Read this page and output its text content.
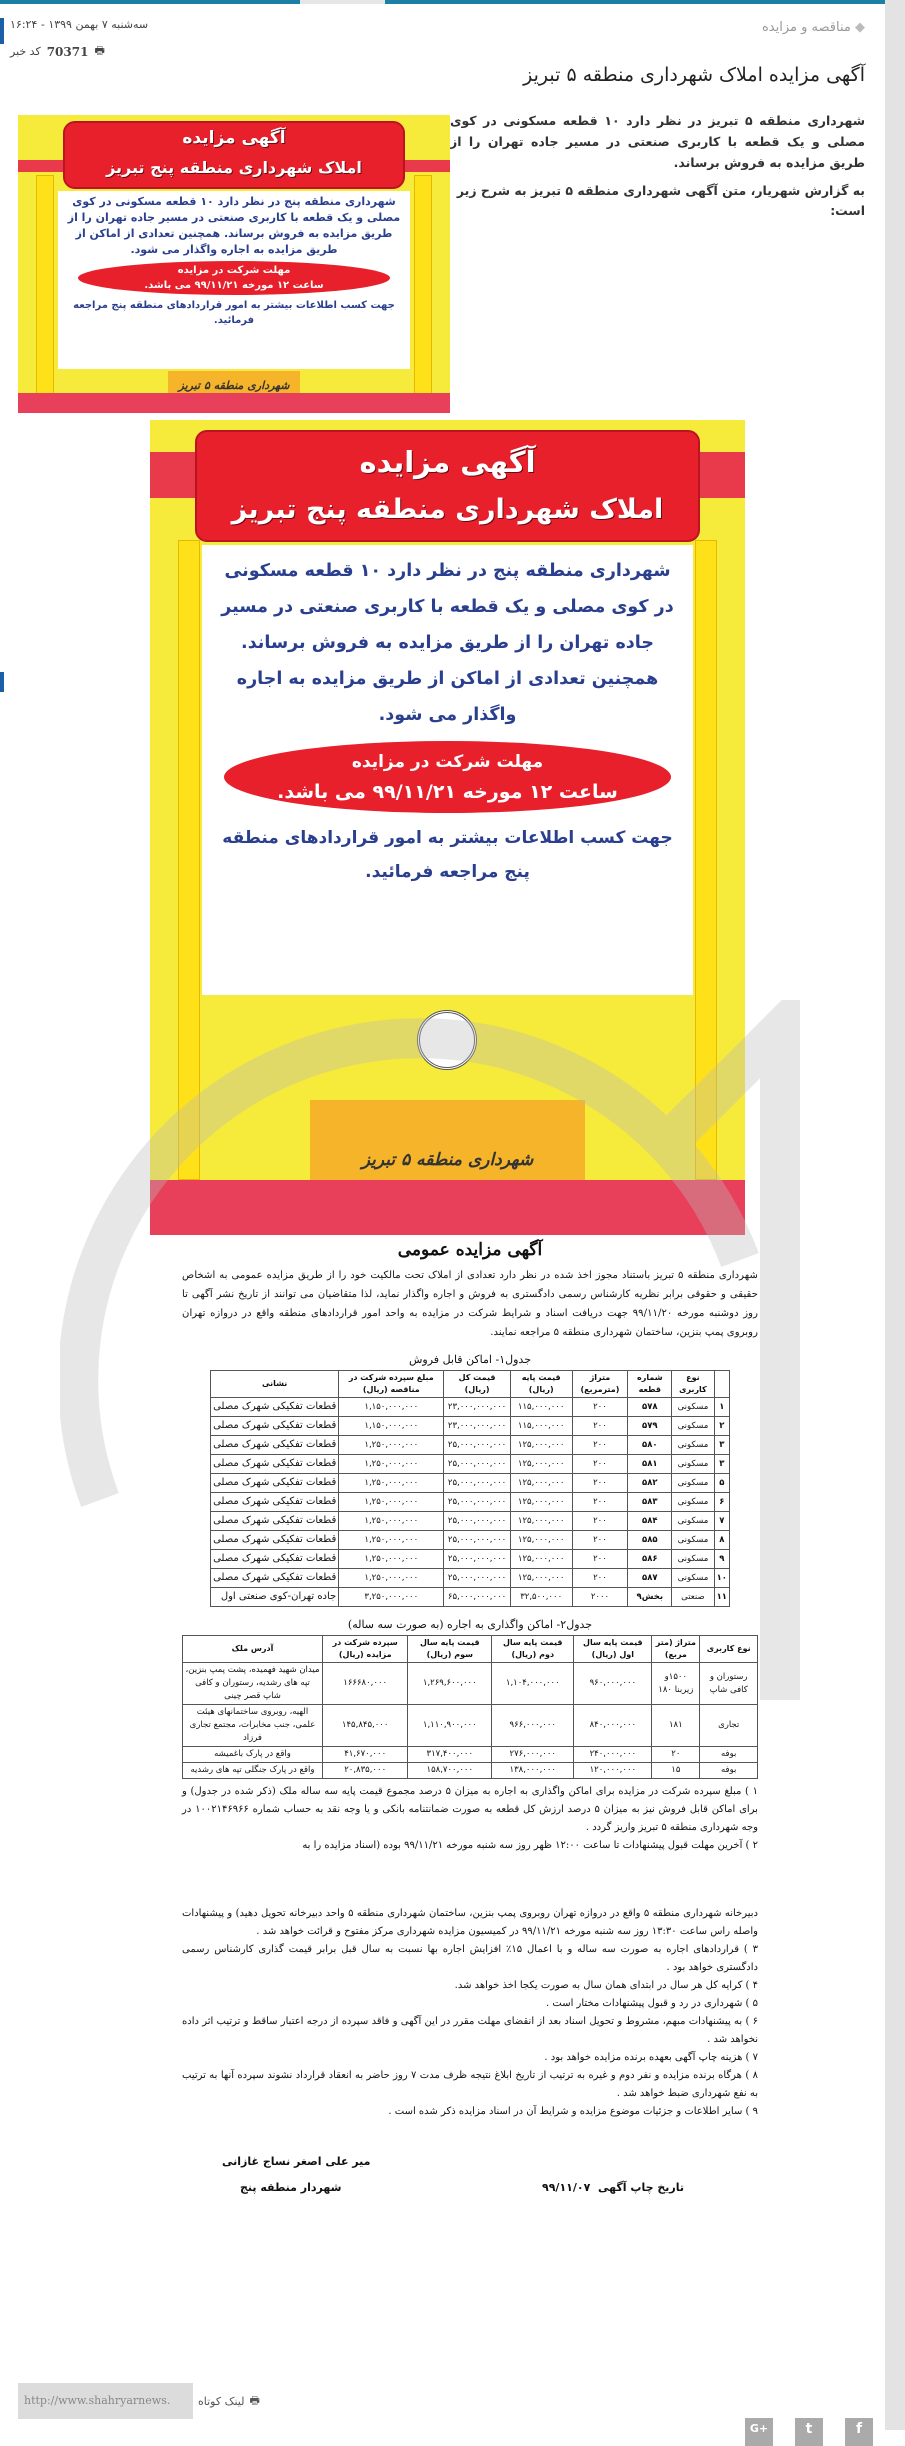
◆ مناقصه و مزایده
سه‌شنبه ۷ بهمن ۱۳۹۹ - ۱۶:۲۴
🖶
70371
کد خبر
آگهی مزایده املاک شهرداری منطقه ۵ تبریز

شهرداری منطقه ۵ تبریز در نظر دارد ۱۰ قطعه مسکونی در کوی مصلی و یک قطعه با کاربری صنعتی در مسیر جاده تهران را از طریق مزایده به فروش برساند.

به گزارش شهریار، متن آگهی شهرداری منطقه ۵ تبریز به شرح زیر است:

آگهی مزایده
املاک شهرداری منطقه پنج تبریز
شهرداری منطقه پنج در نظر دارد ۱۰ قطعه مسکونی در کوی مصلی و یک قطعه با کاربری صنعتی در مسیر جاده تهران را از طریق مزایده به فروش برساند. همچنین تعدادی از اماکن از طریق مزایده به اجاره واگذار می شود.
مهلت شرکت در مزایده
ساعت ۱۲ مورخه ۹۹/۱۱/۲۱ می باشد.
جهت کسب اطلاعات بیشتر به امور قراردادهای منطقه پنج مراجعه فرمائید.
شهرداری منطقه ۵ تبریز
آگهی مزایده
املاک شهرداری منطقه پنج تبریز
شهرداری منطقه پنج در نظر دارد ۱۰ قطعه مسکونی در کوی مصلی و یک قطعه با کاربری صنعتی در مسیر جاده تهران را از طریق مزایده به فروش برساند. همچنین تعدادی از اماکن از طریق مزایده به اجاره واگذار می شود.
مهلت شرکت در مزایده
ساعت ۱۲ مورخه ۹۹/۱۱/۲۱ می باشد.
جهت کسب اطلاعات بیشتر به امور قراردادهای منطقه پنج مراجعه فرمائید.
شهرداری منطقه ۵ تبریز
آگهی مزایده عمومی

شهرداری منطقه ۵ تبریز باستناد مجوز اخذ شده در نظر دارد تعدادی از املاک تحت مالکیت خود را از طریق مزایده عمومی به اشخاص حقیقی و حقوقی برابر نظریه کارشناس رسمی دادگستری به فروش و اجاره واگذار نماید، لذا متقاضیان می توانند از تاریخ نشر آگهی تا روز دوشنبه مورخه ۹۹/۱۱/۲۰ جهت دریافت اسناد و شرایط شرکت در مزایده به واحد امور قراردادهای منطقه واقع در دروازه تهران روبروی پمپ بنزین، ساختمان شهرداری منطقه ۵ مراجعه نمایند.

جدول۱- اماکن قابل فروش
	نوع کاربری	شماره قطعه	متراژ (مترمربع)	قیمت پایه (ریال)	قیمت کل (ریال)	مبلغ سپرده شرکت در مناقصه (ریال)	نشانی
۱	مسکونی	۵۷۸	۲۰۰	۱۱۵,۰۰۰,۰۰۰	۲۳,۰۰۰,۰۰۰,۰۰۰	۱,۱۵۰,۰۰۰,۰۰۰	قطعات تفکیکی شهرک مصلی
۲	مسکونی	۵۷۹	۲۰۰	۱۱۵,۰۰۰,۰۰۰	۲۳,۰۰۰,۰۰۰,۰۰۰	۱,۱۵۰,۰۰۰,۰۰۰	قطعات تفکیکی شهرک مصلی
۳	مسکونی	۵۸۰	۲۰۰	۱۲۵,۰۰۰,۰۰۰	۲۵,۰۰۰,۰۰۰,۰۰۰	۱,۲۵۰,۰۰۰,۰۰۰	قطعات تفکیکی شهرک مصلی
۳	مسکونی	۵۸۱	۲۰۰	۱۲۵,۰۰۰,۰۰۰	۲۵,۰۰۰,۰۰۰,۰۰۰	۱,۲۵۰,۰۰۰,۰۰۰	قطعات تفکیکی شهرک مصلی
۵	مسکونی	۵۸۲	۲۰۰	۱۲۵,۰۰۰,۰۰۰	۲۵,۰۰۰,۰۰۰,۰۰۰	۱,۲۵۰,۰۰۰,۰۰۰	قطعات تفکیکی شهرک مصلی
۶	مسکونی	۵۸۳	۲۰۰	۱۲۵,۰۰۰,۰۰۰	۲۵,۰۰۰,۰۰۰,۰۰۰	۱,۲۵۰,۰۰۰,۰۰۰	قطعات تفکیکی شهرک مصلی
۷	مسکونی	۵۸۴	۲۰۰	۱۲۵,۰۰۰,۰۰۰	۲۵,۰۰۰,۰۰۰,۰۰۰	۱,۲۵۰,۰۰۰,۰۰۰	قطعات تفکیکی شهرک مصلی
۸	مسکونی	۵۸۵	۲۰۰	۱۲۵,۰۰۰,۰۰۰	۲۵,۰۰۰,۰۰۰,۰۰۰	۱,۲۵۰,۰۰۰,۰۰۰	قطعات تفکیکی شهرک مصلی
۹	مسکونی	۵۸۶	۲۰۰	۱۲۵,۰۰۰,۰۰۰	۲۵,۰۰۰,۰۰۰,۰۰۰	۱,۲۵۰,۰۰۰,۰۰۰	قطعات تفکیکی شهرک مصلی
۱۰	مسکونی	۵۸۷	۲۰۰	۱۲۵,۰۰۰,۰۰۰	۲۵,۰۰۰,۰۰۰,۰۰۰	۱,۲۵۰,۰۰۰,۰۰۰	قطعات تفکیکی شهرک مصلی
۱۱	صنعتی	بخش۹	۲۰۰۰	۳۲,۵۰۰,۰۰۰	۶۵,۰۰۰,۰۰۰,۰۰۰	۳,۲۵۰,۰۰۰,۰۰۰	جاده تهران-کوی صنعتی اول
جدول۲- اماکن واگذاری به اجاره (به صورت سه ساله)
نوع کاربری	متراژ (متر مربع)	قیمت پایه سال اول (ریال)	قیمت پایه سال دوم (ریال)	قیمت پایه سال سوم (ریال)	سپرده شرکت در مزایده (ریال)	آدرس ملک
رستوران و کافی شاپ	۱۵۰۰و زیربنا ۱۸۰	۹۶۰,۰۰۰,۰۰۰	۱,۱۰۴,۰۰۰,۰۰۰	۱,۲۶۹,۶۰۰,۰۰۰	۱۶۶۶۸۰,۰۰۰	میدان شهید فهمیده، پشت پمپ بنزین، تپه های رشدیه، رستوران و کافی شاپ قصر چینی
تجاری	۱۸۱	۸۴۰,۰۰۰,۰۰۰	۹۶۶,۰۰۰,۰۰۰	۱,۱۱۰,۹۰۰,۰۰۰	۱۴۵,۸۴۵,۰۰۰	الهیه، روبروی ساختمانهای هیئت علمی، جنب مخابرات، مجتمع تجاری فرزاد
بوفه	۲۰	۲۴۰,۰۰۰,۰۰۰	۲۷۶,۰۰۰,۰۰۰	۳۱۷,۴۰۰,۰۰۰	۴۱,۶۷۰,۰۰۰	واقع در پارک باغمیشه
بوفه	۱۵	۱۲۰,۰۰۰,۰۰۰	۱۳۸,۰۰۰,۰۰۰	۱۵۸,۷۰۰,۰۰۰	۲۰,۸۳۵,۰۰۰	واقع در پارک جنگلی تپه های رشدیه

۱ ) مبلغ سپرده شرکت در مزایده برای اماکن واگذاری به اجاره به میزان ۵ درصد مجموع قیمت پایه سه ساله ملک (ذکر شده در جدول) و برای اماکن قابل فروش نیز به میزان ۵ درصد ارزش کل قطعه به صورت ضمانتنامه بانکی و یا وجه نقد به حساب شماره ۱۰۰۲۱۴۶۹۶۶ در وجه شهرداری منطقه ۵ تبریز واریز گردد .

۲ ) آخرین مهلت قبول پیشنهادات تا ساعت ۱۲:۰۰ ظهر روز سه شنبه مورخه ۹۹/۱۱/۲۱ بوده (اسناد مزایده را به

دبیرخانه شهرداری منطقه ۵ واقع در دروازه تهران روبروی پمپ بنزین، ساختمان شهرداری منطقه ۵ واحد دبیرخانه تحویل دهید) و پیشنهادات واصله راس ساعت ۱۳:۳۰ روز سه شنبه مورخه ۹۹/۱۱/۲۱ در کمیسیون مزایده شهرداری مرکز مفتوح و قرائت خواهد شد .

۳ ) قراردادهای اجاره به صورت سه ساله و با اعمال ۱۵٪ افزایش اجاره بها نسبت به سال قبل برابر قیمت گذاری کارشناس رسمی دادگستری خواهد بود .

۴ ) کرایه کل هر سال در ابتدای همان سال به صورت یکجا اخذ خواهد شد.

۵ ) شهرداری در رد و قبول پیشنهادات مختار است .

۶ ) به پیشنهادات مبهم، مشروط و تحویل اسناد بعد از انقضای مهلت مقرر در این آگهی و فاقد سپرده از درجه اعتبار ساقط و ترتیب اثر داده نخواهد شد .

۷ ) هزینه چاپ آگهی بعهده برنده مزایده خواهد بود .

۸ ) هرگاه برنده مزایده و نفر دوم و غیره به ترتیب از تاریخ ابلاغ نتیجه ظرف مدت ۷ روز حاضر به انعقاد قرارداد نشوند سپرده آنها به ترتیب به نفع شهرداری ضبط خواهد شد .

۹ ) سایر اطلاعات و جزئیات موضوع مزایده و شرایط آن در اسناد مزایده ذکر شده است .

میر علی اصغر نساج غازانی
شهردار منطقه پنج	تاریخ چاپ آگهی  ۹۹/۱۱/۰۷
🖶
لینک کوتاه
http://www.shahryarnews.
G+	t	f
